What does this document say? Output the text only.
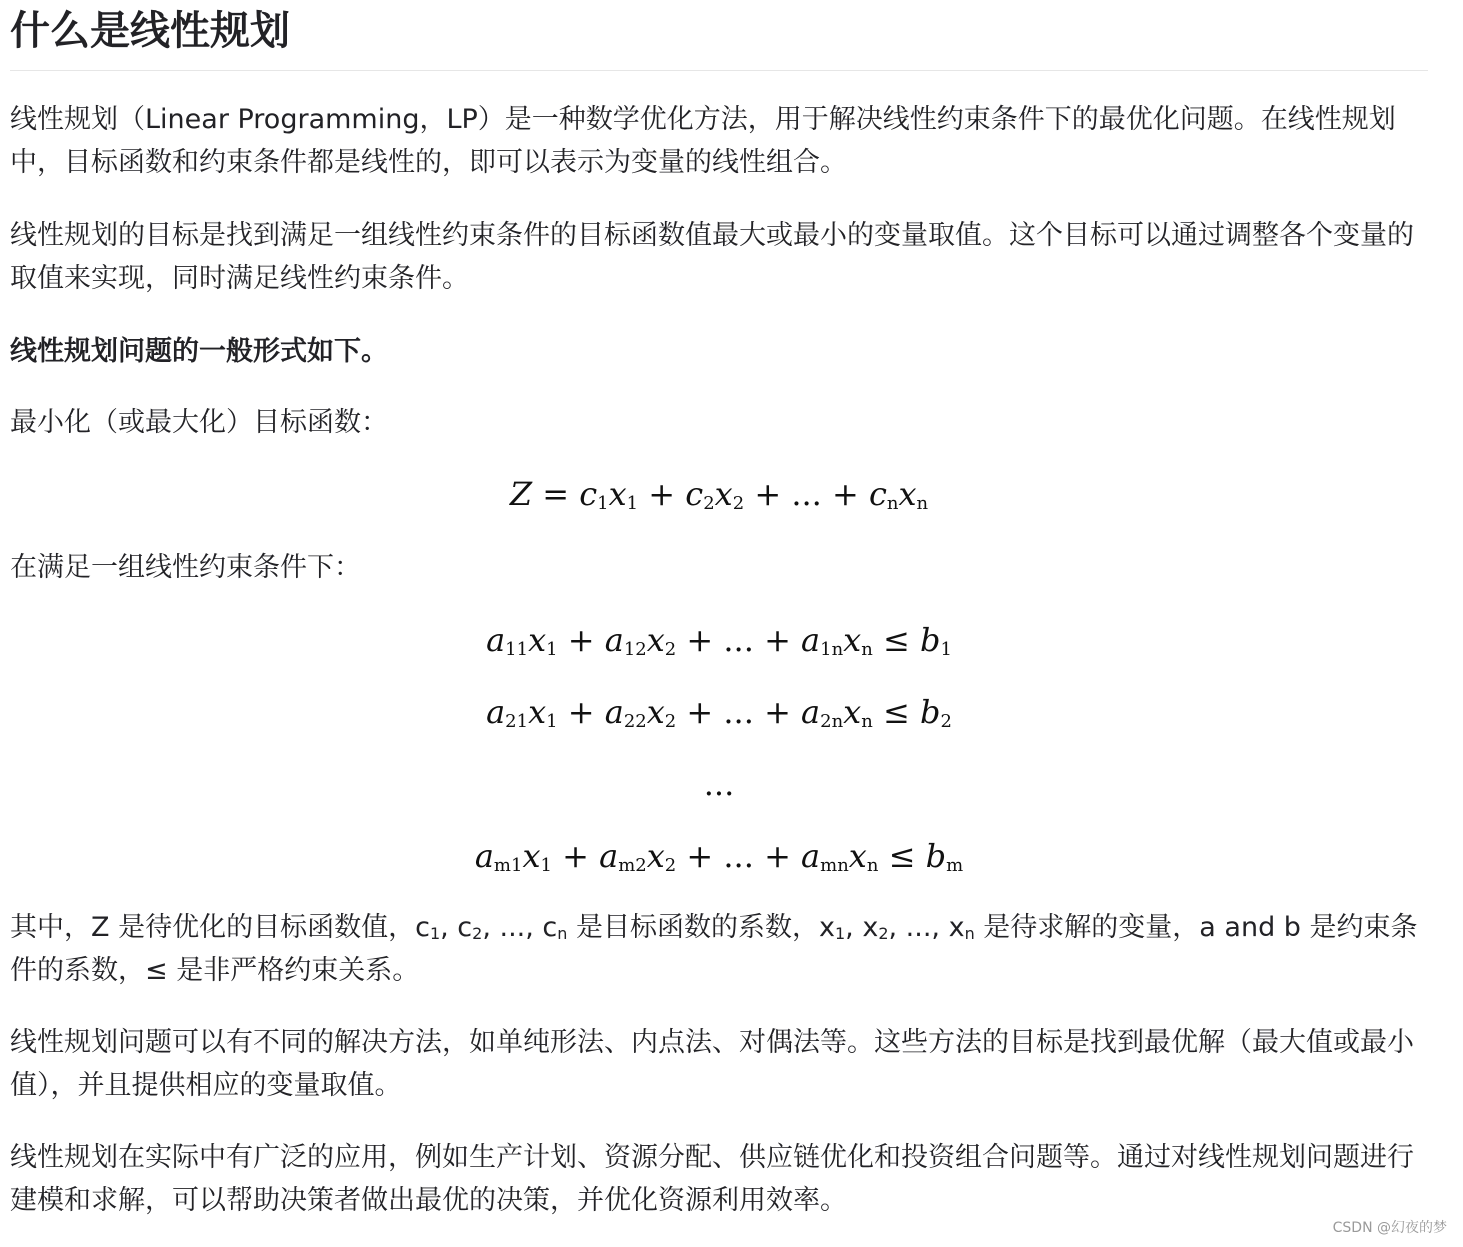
什么是线性规划

线性规划（Linear Programming，LP）是一种数学优化方法，用于解决线性约束条件下的最优化问题。在线性规划中，目标函数和约束条件都是线性的，即可以表示为变量的线性组合。

线性规划的目标是找到满足一组线性约束条件的目标函数值最大或最小的变量取值。这个目标可以通过调整各个变量的取值来实现，同时满足线性约束条件。

线性规划问题的一般形式如下。

最小化（或最大化）目标函数：

$Z = c_1x_1 + c_2x_2$ + ... + $c_nx_n$

在满足一组线性约束条件下：

$a_{11}x_1 + a_{12}x_2$ + ... + $a_{1n}x_n \le b_1$
$a_{21}x_1 + a_{22}x_2$ + ... + $a_{2n}x_n \le b_2$
...
$a_{m1}x_1 + a_{m2}x_2$ + ... + $a_{mn}x_n \le b_m$

其中，Z 是待优化的目标函数值，c1, c2, ..., cn 是目标函数的系数，x1, x2, ..., xn 是待求解的变量，a and b 是约束条件的系数，≤ 是非严格约束关系。

线性规划问题可以有不同的解决方法，如单纯形法、内点法、对偶法等。这些方法的目标是找到最优解（最大值或最小值），并且提供相应的变量取值。

线性规划在实际中有广泛的应用，例如生产计划、资源分配、供应链优化和投资组合问题等。通过对线性规划问题进行建模和求解，可以帮助决策者做出最优的决策，并优化资源利用效率。

CSDN @幻夜的梦
